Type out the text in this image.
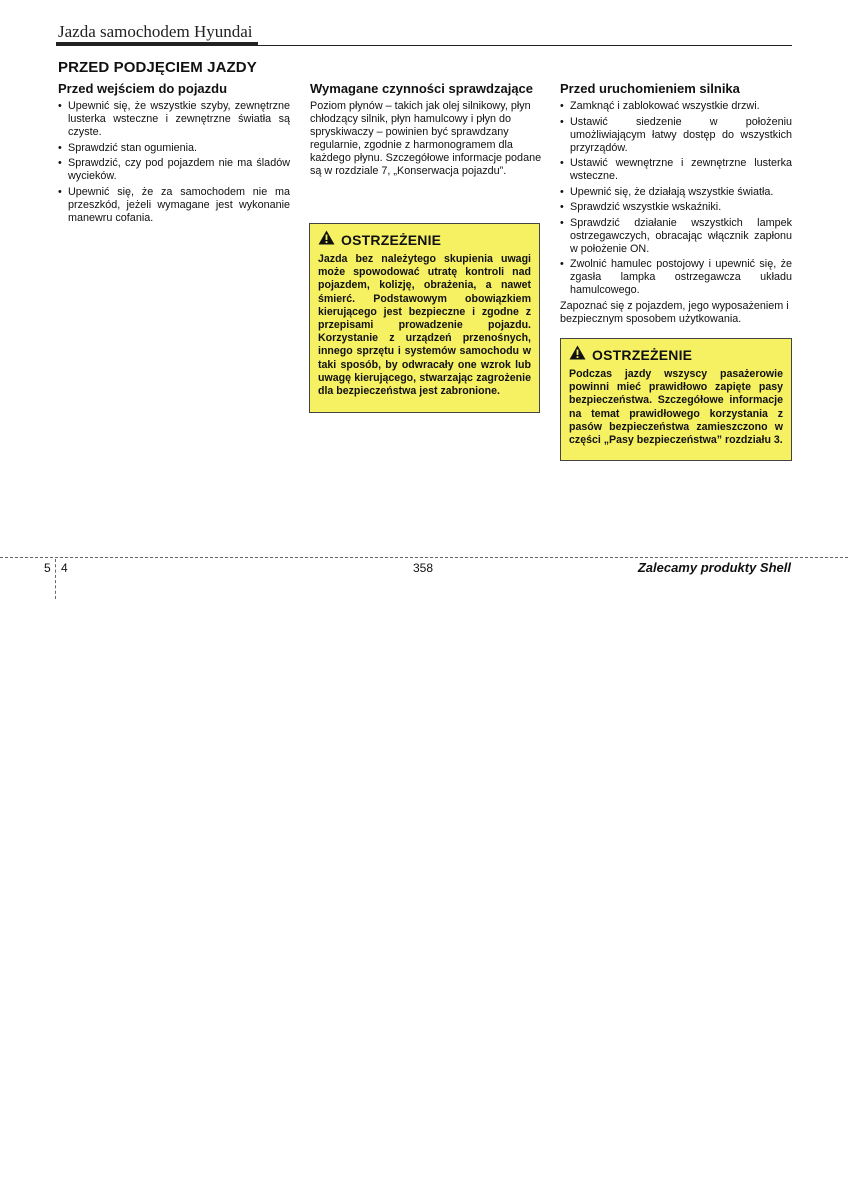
Jazda samochodem Hyundai
PRZED PODJĘCIEM JAZDY
Przed wejściem do pojazdu
• Upewnić się, że wszystkie szyby, zewnętrzne lusterka wsteczne i zewnętrzne światła są czyste.
• Sprawdzić stan ogumienia.
• Sprawdzić, czy pod pojazdem nie ma śladów wycieków.
• Upewnić się, że za samochodem nie ma przeszkód, jeżeli wymagane jest wykonanie manewru cofania.
Wymagane czynności sprawdzające

Poziom płynów – takich jak olej silnikowy, płyn chłodzący silnik, płyn hamulcowy i płyn do spryskiwaczy – powinien być sprawdzany regularnie, zgodnie z harmonogramem dla każdego płynu. Szczegółowe informacje podane są w rozdziale 7, „Konserwacja pojazdu”.

OSTRZEŻENIE

Jazda bez należytego skupienia uwagi może spowodować utratę kontroli nad pojazdem, kolizję, obrażenia, a nawet śmierć. Podstawowym obowiązkiem kierującego jest bezpieczne i zgodne z przepisami prowadzenie pojazdu. Korzystanie z urządzeń przenośnych, innego sprzętu i systemów samochodu w taki sposób, by odwracały one wzrok lub uwagę kierującego, stwarzając zagrożenie dla bezpieczeństwa jest zabronione.

Przed uruchomieniem silnika
• Zamknąć i zablokować wszystkie drzwi.
• Ustawić siedzenie w położeniu umożliwiającym łatwy dostęp do wszystkich przyrządów.
• Ustawić wewnętrzne i zewnętrzne lusterka wsteczne.
• Upewnić się, że działają wszystkie światła.
• Sprawdzić wszystkie wskaźniki.
• Sprawdzić działanie wszystkich lampek ostrzegawczych, obracając włącznik zapłonu w położenie ON.
• Zwolnić hamulec postojowy i upewnić się, że zgasła lampka ostrzegawcza układu hamulcowego.

Zapoznać się z pojazdem, jego wyposażeniem i bezpiecznym sposobem użytkowania.

OSTRZEŻENIE

Podczas jazdy wszyscy pasażerowie powinni mieć prawidłowo zapięte pasy bezpieczeństwa. Szczegółowe informacje na temat prawidłowego korzystania z pasów bezpieczeństwa zamieszczono w części „Pasy bezpieczeństwa” rozdziału 3.

5 4	358	Zalecamy produkty Shell
